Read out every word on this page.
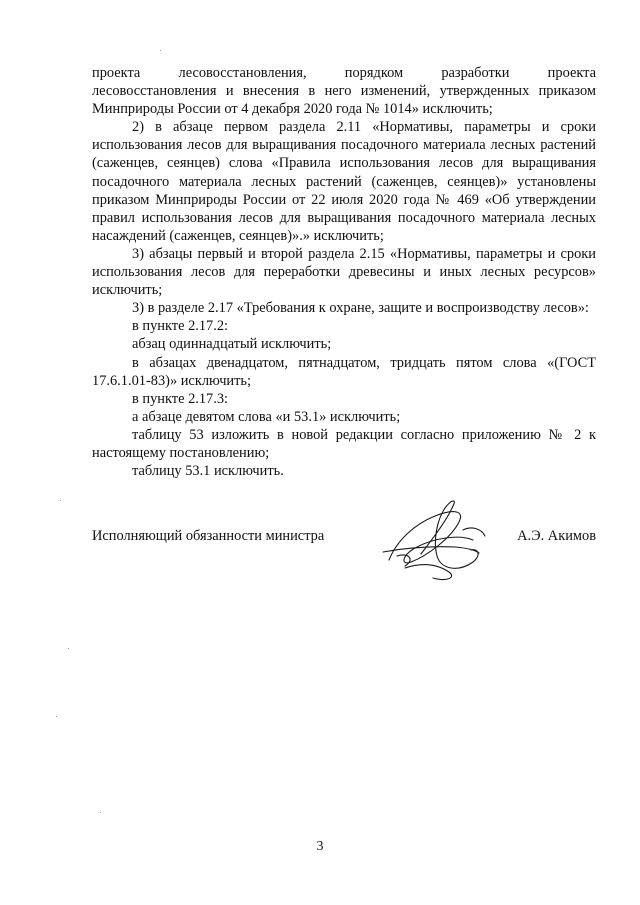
проекта лесовосстановления, порядком разработки проекта

лесовосстановления и внесения в него изменений, утвержденных приказом Минприроды России от 4 декабря 2020 года № 1014» исключить;

2) в абзаце первом раздела 2.11 «Нормативы, параметры и сроки использования лесов для выращивания посадочного материала лесных растений (саженцев, сеянцев) слова «Правила использования лесов для выращивания посадочного материала лесных растений (саженцев, сеянцев)» установлены приказом Минприроды России от 22 июля 2020 года № 469 «Об утверждении правил использования лесов для выращивания посадочного материала лесных насаждений (саженцев, сеянцев)».» исключить;

3) абзацы первый и второй раздела 2.15 «Нормативы, параметры и сроки использования лесов для переработки древесины и иных лесных ресурсов» исключить;

3) в разделе 2.17 «Требования к охране, защите и воспроизводству лесов»:

в пункте 2.17.2:

абзац одиннадцатый исключить;

в абзацах двенадцатом, пятнадцатом, тридцать пятом слова «(ГОСТ 17.6.1.01-83)» исключить;

в пункте 2.17.3:

а абзаце девятом слова «и 53.1» исключить;

таблицу 53 изложить в новой редакции согласно приложению № 2 к настоящему постановлению;

таблицу 53.1 исключить.

Исполняющий обязанности министра	А.Э. Акимов
3
